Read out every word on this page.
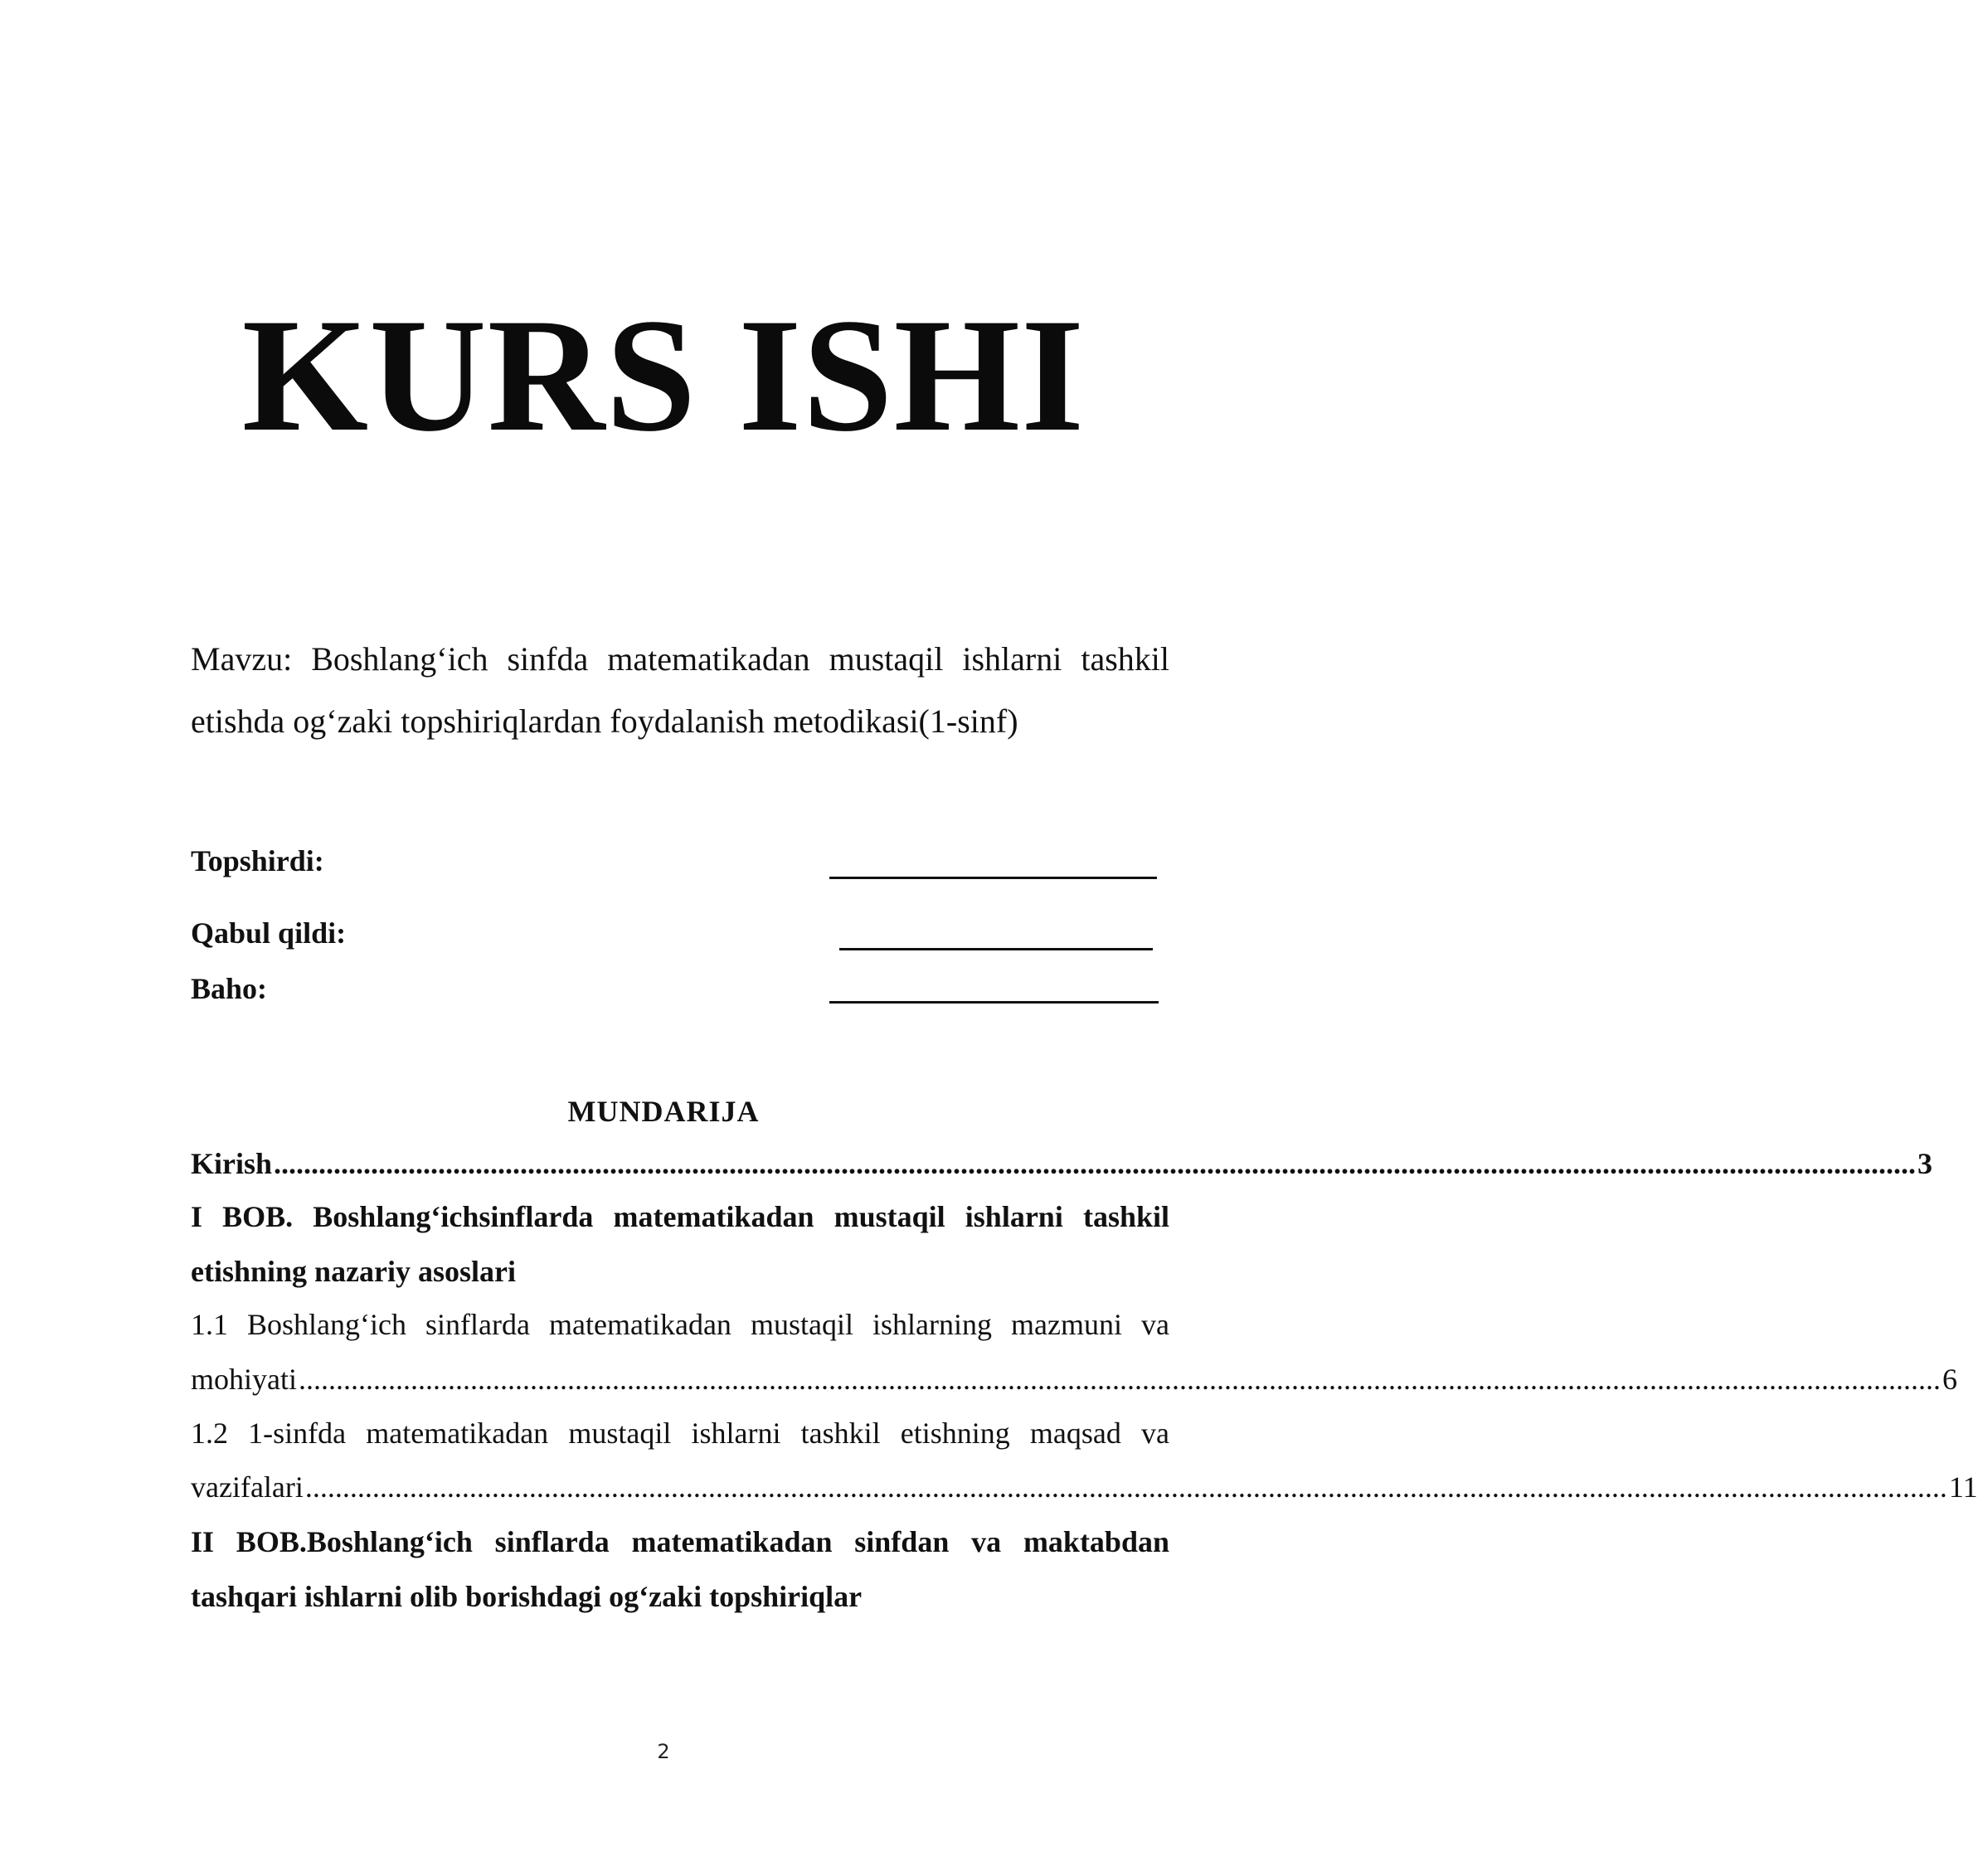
KURS ISHI

Mavzu: Boshlang‘ich sinfda matematikadan mustaqil ishlarni tashkil

etishda og‘zaki topshiriqlardan foydalanish metodikasi(1-sinf)

Topshirdi:
Qabul qildi:
Baho:
MUNDARIJA
Kirish ............................................................................................................................................................................................................................ 3

I BOB. Boshlang‘ichsinflarda matematikadan mustaqil ishlarni tashkil

etishning nazariy asoslari

1.1 Boshlang‘ich sinflarda matematikadan mustaqil ishlarning mazmuni va

mohiyati ............................................................................................................................................................................................................................ 6

1.2 1-sinfda matematikadan mustaqil ishlarni tashkil etishning maqsad va

vazifalari ............................................................................................................................................................................................................................ 11

II BOB.Boshlang‘ich sinflarda matematikadan sinfdan va maktabdan

tashqari ishlarni olib borishdagi og‘zaki topshiriqlar

2
